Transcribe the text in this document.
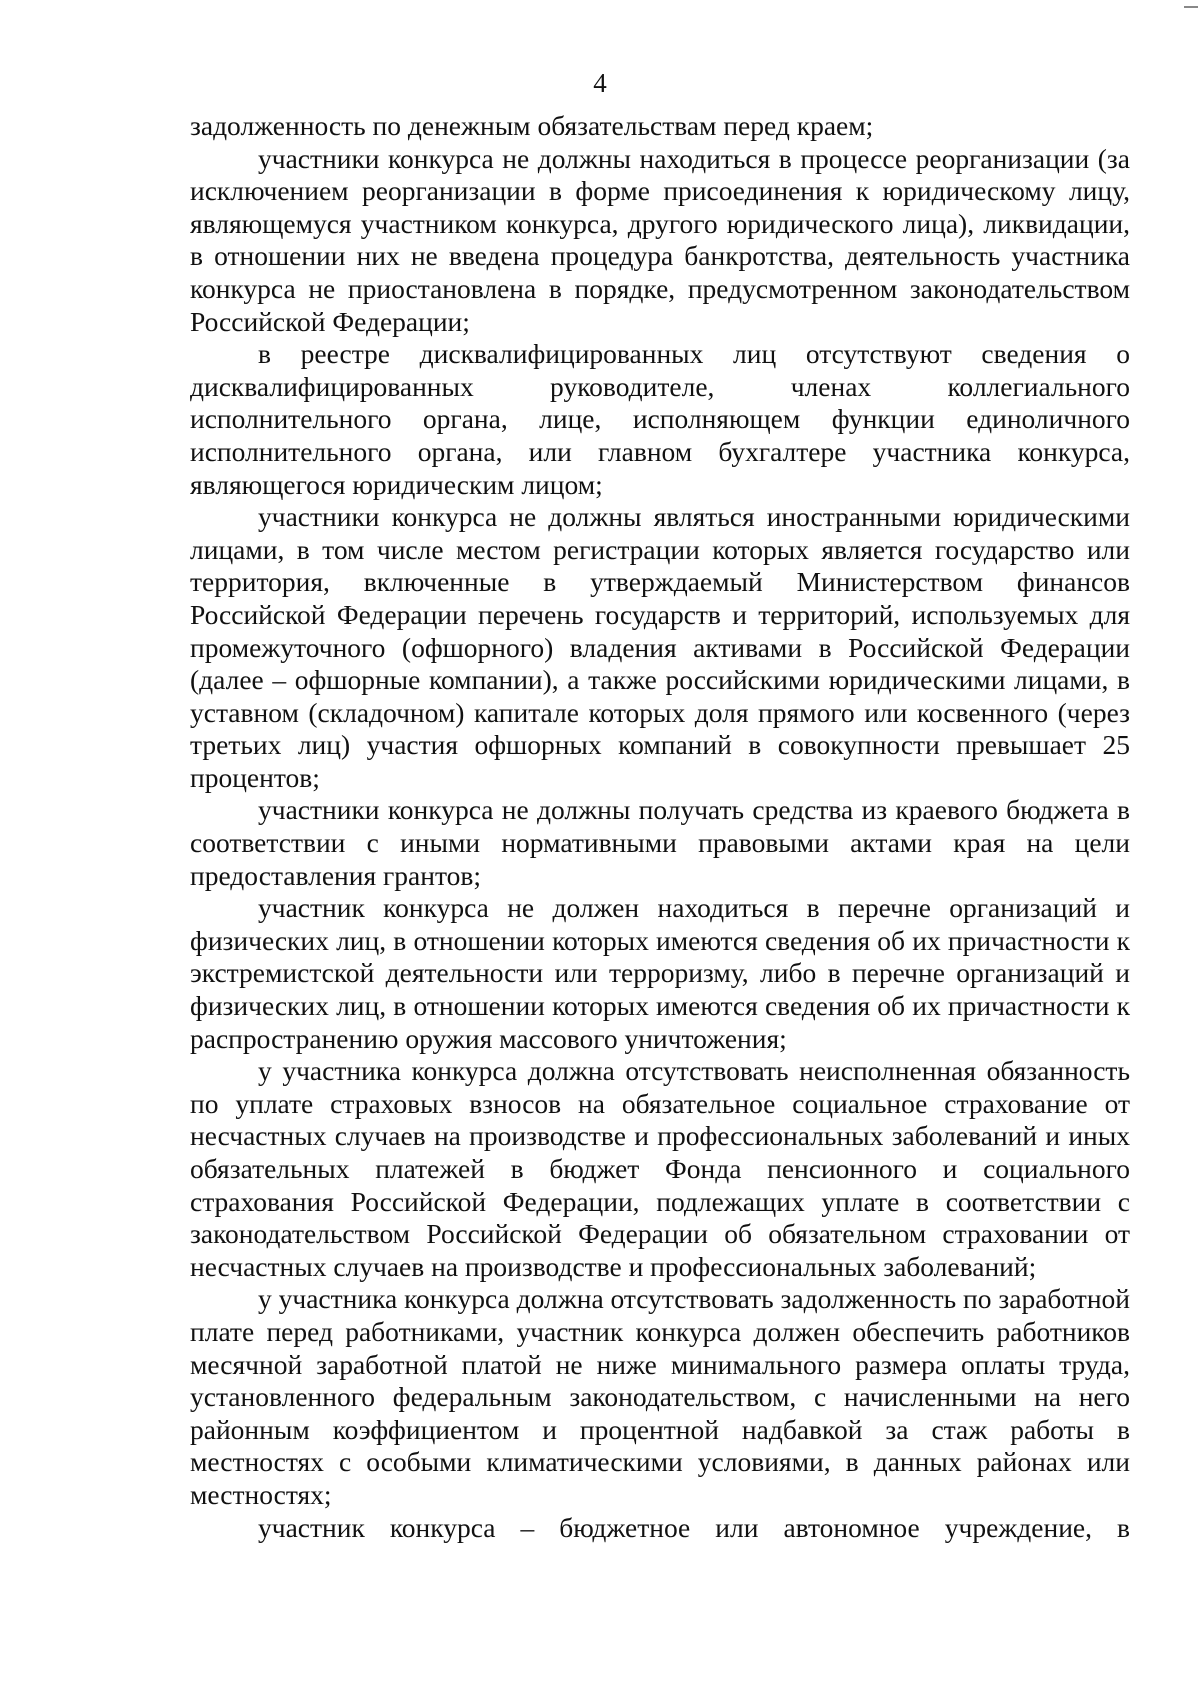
4

задолженность по денежным обязательствам перед краем;

участники конкурса не должны находиться в процессе реорганизации (за исключением реорганизации в форме присоединения к юридическому лицу, являющемуся участником конкурса, другого юридического лица), ликвидации, в отношении них не введена процедура банкротства, деятельность участника конкурса не приостановлена в порядке, предусмотренном законодательством Российской Федерации;

в реестре дисквалифицированных лиц отсутствуют сведения о дисквалифицированных руководителе, членах коллегиального исполнительного органа, лице, исполняющем функции единоличного исполнительного органа, или главном бухгалтере участника конкурса, являющегося юридическим лицом;

участники конкурса не должны являться иностранными юридическими лицами, в том числе местом регистрации которых является государство или территория, включенные в утверждаемый Министерством финансов Российской Федерации перечень государств и территорий, используемых для промежуточного (офшорного) владения активами в Российской Федерации (далее – офшорные компании), а также российскими юридическими лицами, в уставном (складочном) капитале которых доля прямого или косвенного (через третьих лиц) участия офшорных компаний в совокупности превышает 25 процентов;

участники конкурса не должны получать средства из краевого бюджета в соответствии с иными нормативными правовыми актами края на цели предоставления грантов;

участник конкурса не должен находиться в перечне организаций и физических лиц, в отношении которых имеются сведения об их причастности к экстремистской деятельности или терроризму, либо в перечне организаций и физических лиц, в отношении которых имеются сведения об их причастности к распространению оружия массового уничтожения;

у участника конкурса должна отсутствовать неисполненная обязанность по уплате страховых взносов на обязательное социальное страхование от несчастных случаев на производстве и профессиональных заболеваний и иных обязательных платежей в бюджет Фонда пенсионного и социального страхования Российской Федерации, подлежащих уплате в соответствии с законодательством Российской Федерации об обязательном страховании от несчастных случаев на производстве и профессиональных заболеваний;

у участника конкурса должна отсутствовать задолженность по заработной плате перед работниками, участник конкурса должен обеспечить работников месячной заработной платой не ниже минимального размера оплаты труда, установленного федеральным законодательством, с начисленными на него районным коэффициентом и процентной надбавкой за стаж работы в местностях с особыми климатическими условиями, в данных районах или местностях;

участник конкурса – бюджетное или автономное учреждение, в
